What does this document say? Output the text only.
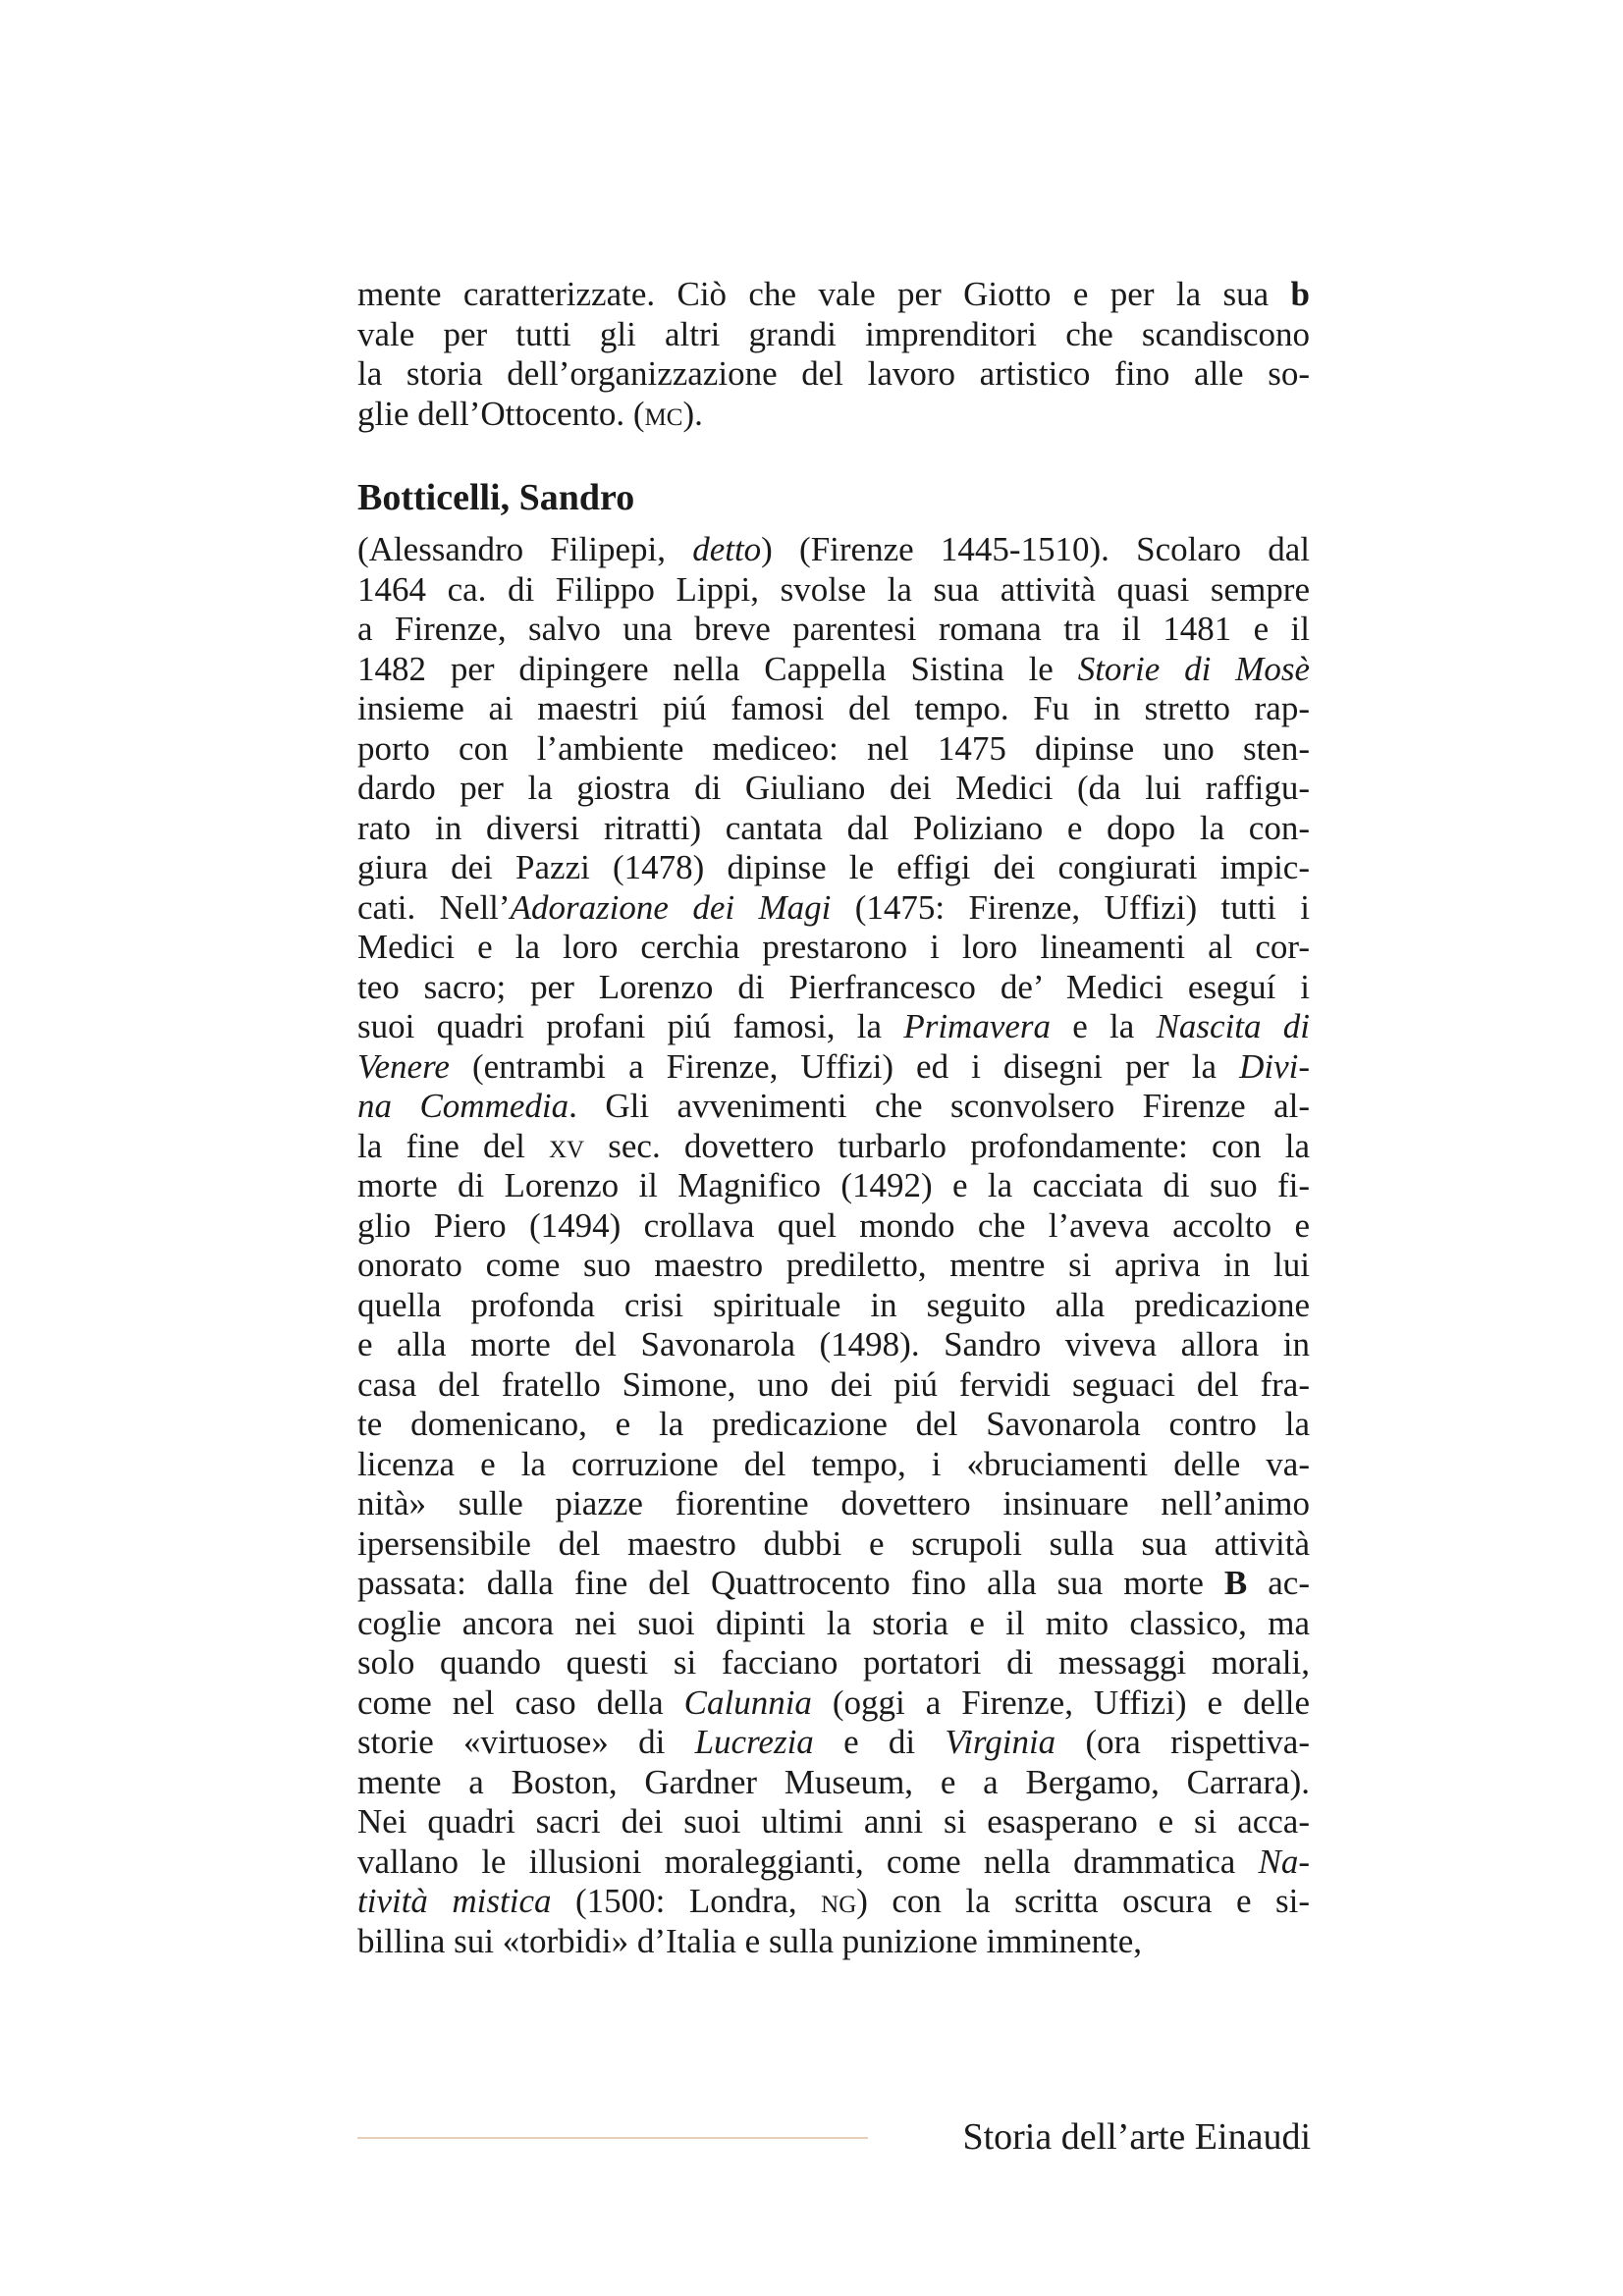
mente caratterizzate. Ciò che vale per Giotto e per la sua b
vale per tutti gli altri grandi imprenditori che scandiscono
la storia dell’organizzazione del lavoro artistico fino alle so-
glie dell’Ottocento. (mc).
Botticelli, Sandro
(Alessandro Filipepi, detto) (Firenze 1445-1510). Scolaro dal
1464 ca. di Filippo Lippi, svolse la sua attività quasi sempre
a Firenze, salvo una breve parentesi romana tra il 1481 e il
1482 per dipingere nella Cappella Sistina le Storie di Mosè
insieme ai maestri piú famosi del tempo. Fu in stretto rap-
porto con l’ambiente mediceo: nel 1475 dipinse uno sten-
dardo per la giostra di Giuliano dei Medici (da lui raffigu-
rato in diversi ritratti) cantata dal Poliziano e dopo la con-
giura dei Pazzi (1478) dipinse le effigi dei congiurati impic-
cati. Nell’Adorazione dei Magi (1475: Firenze, Uffizi) tutti i
Medici e la loro cerchia prestarono i loro lineamenti al cor-
teo sacro; per Lorenzo di Pierfrancesco de’ Medici eseguí i
suoi quadri profani piú famosi, la Primavera e la Nascita di
Venere (entrambi a Firenze, Uffizi) ed i disegni per la Divi-
na Commedia. Gli avvenimenti che sconvolsero Firenze al-
la fine del xv sec. dovettero turbarlo profondamente: con la
morte di Lorenzo il Magnifico (1492) e la cacciata di suo fi-
glio Piero (1494) crollava quel mondo che l’aveva accolto e
onorato come suo maestro prediletto, mentre si apriva in lui
quella profonda crisi spirituale in seguito alla predicazione
e alla morte del Savonarola (1498). Sandro viveva allora in
casa del fratello Simone, uno dei piú fervidi seguaci del fra-
te domenicano, e la predicazione del Savonarola contro la
licenza e la corruzione del tempo, i «bruciamenti delle va-
nità» sulle piazze fiorentine dovettero insinuare nell’animo
ipersensibile del maestro dubbi e scrupoli sulla sua attività
passata: dalla fine del Quattrocento fino alla sua morte B ac-
coglie ancora nei suoi dipinti la storia e il mito classico, ma
solo quando questi si facciano portatori di messaggi morali,
come nel caso della Calunnia (oggi a Firenze, Uffizi) e delle
storie «virtuose» di Lucrezia e di Virginia (ora rispettiva-
mente a Boston, Gardner Museum, e a Bergamo, Carrara).
Nei quadri sacri dei suoi ultimi anni si esasperano e si acca-
vallano le illusioni moraleggianti, come nella drammatica Na-
tività mistica (1500: Londra, ng) con la scritta oscura e si-
billina sui «torbidi» d’Italia e sulla punizione imminente,
Storia dell’arte Einaudi
